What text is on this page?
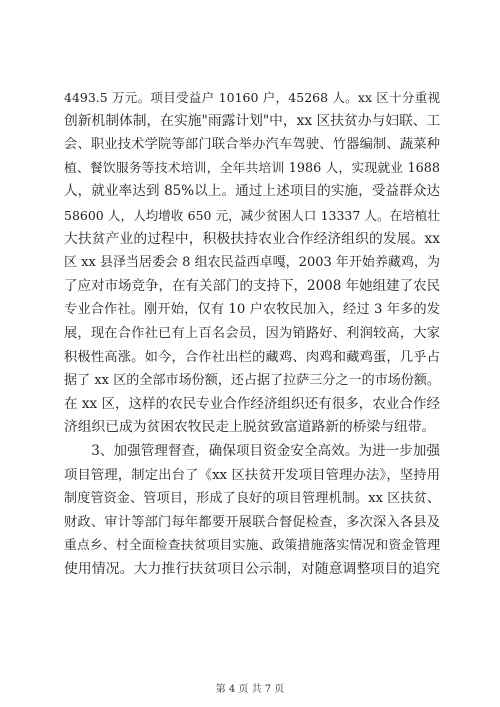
4493.5 万元。项目受益户 10160 户，45268 人。xx 区十分重视
创新机制体制，在实施"雨露计划"中，xx 区扶贫办与妇联、工
会、职业技术学院等部门联合举办汽车驾驶、竹器编制、蔬菜种
植、餐饮服务等技术培训，全年共培训 1986 人，实现就业 1688
人，就业率达到 85%以上。通过上述项目的实施，受益群众达
58600 人，人均增收 650 元，减少贫困人口 13337 人。在培植壮
大扶贫产业的过程中，积极扶持农业合作经济组织的发展。xx
区 xx 县泽当居委会 8 组农民益西卓嘎，2003 年开始养藏鸡，为
了应对市场竞争，在有关部门的支持下，2008 年她组建了农民
专业合作社。刚开始，仅有 10 户农牧民加入，经过 3 年多的发
展，现在合作社已有上百名会员，因为销路好、利润较高，大家
积极性高涨。如今，合作社出栏的藏鸡、肉鸡和藏鸡蛋，几乎占
据了 xx 区的全部市场份额，还占据了拉萨三分之一的市场份额。
在 xx 区，这样的农民专业合作经济组织还有很多，农业合作经
济组织已成为贫困农牧民走上脱贫致富道路新的桥梁与纽带。
　　3、加强管理督查，确保项目资金安全高效。为进一步加强
项目管理，制定出台了《xx 区扶贫开发项目管理办法》，坚持用
制度管资金、管项目，形成了良好的项目管理机制。xx 区扶贫、
财政、审计等部门每年都要开展联合督促检查，多次深入各县及
重点乡、村全面检查扶贫项目实施、政策措施落实情况和资金管理
使用情况。大力推行扶贫项目公示制，对随意调整项目的追究
第 4 页 共 7 页
